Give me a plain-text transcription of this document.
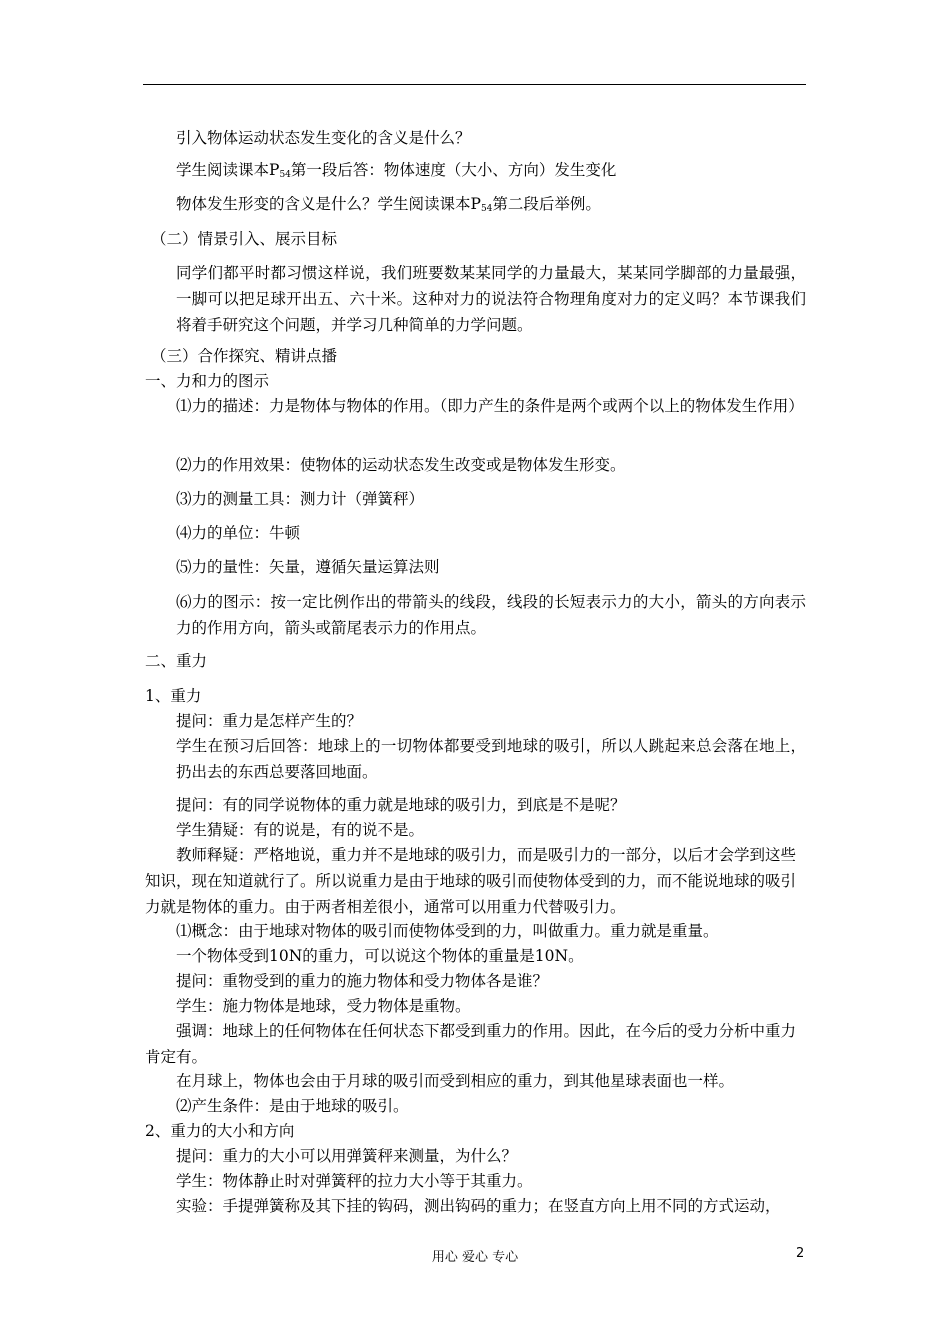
引入物体运动状态发生变化的含义是什么？
学生阅读课本$P_{54}$第一段后答：物体速度（大小、方向）发生变化
物体发生形变的含义是什么？学生阅读课本$P_{54}$第二段后举例。
（二）情景引入、展示目标
同学们都平时都习惯这样说，我们班要数某某同学的力量最大，某某同学脚部的力量最强，一脚可以把足球开出五、六十米。这种对力的说法符合物理角度对力的定义吗？本节课我们将着手研究这个问题，并学习几种简单的力学问题。
（三）合作探究、精讲点播
一、力和力的图示
⑴力的描述：力是物体与物体的作用。（即力产生的条件是两个或两个以上的物体发生作用）
⑵力的作用效果：使物体的运动状态发生改变或是物体发生形变。
⑶力的测量工具：测力计（弹簧秤）
⑷力的单位：牛顿
⑸力的量性：矢量，遵循矢量运算法则
⑹力的图示：按一定比例作出的带箭头的线段，线段的长短表示力的大小，箭头的方向表示力的作用方向，箭头或箭尾表示力的作用点。
二、重力
1、重力
提问：重力是怎样产生的？
学生在预习后回答：地球上的一切物体都要受到地球的吸引，所以人跳起来总会落在地上，扔出去的东西总要落回地面。
提问：有的同学说物体的重力就是地球的吸引力，到底是不是呢？
学生猜疑：有的说是，有的说不是。
教师释疑：严格地说，重力并不是地球的吸引力，而是吸引力的一部分，以后才会学到这些知识，现在知道就行了。所以说重力是由于地球的吸引而使物体受到的力，而不能说地球的吸引力就是物体的重力。由于两者相差很小，通常可以用重力代替吸引力。
⑴概念：由于地球对物体的吸引而使物体受到的力，叫做重力。重力就是重量。
一个物体受到10N的重力，可以说这个物体的重量是10N。
提问：重物受到的重力的施力物体和受力物体各是谁？
学生：施力物体是地球，受力物体是重物。
强调：地球上的任何物体在任何状态下都受到重力的作用。因此，在今后的受力分析中重力肯定有。
在月球上，物体也会由于月球的吸引而受到相应的重力，到其他星球表面也一样。
⑵产生条件：是由于地球的吸引。
2、重力的大小和方向
提问：重力的大小可以用弹簧秤来测量，为什么？
学生：物体静止时对弹簧秤的拉力大小等于其重力。
实验：手提弹簧称及其下挂的钩码，测出钩码的重力；在竖直方向上用不同的方式运动，
用心 爱心 专心	2
